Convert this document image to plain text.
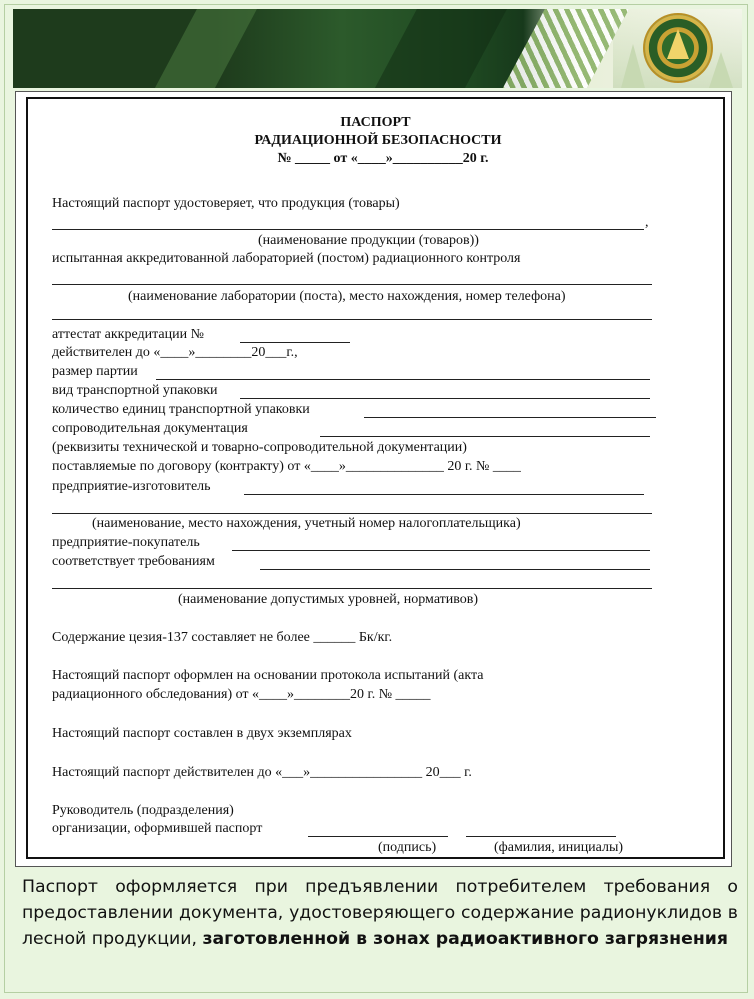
ПАСПОРТ
РАДИАЦИОННОЙ БЕЗОПАСНОСТИ
№ _____ от «____»__________20 г.
Настоящий паспорт удостоверяет, что продукция (товары)
,
(наименование продукции (товаров))
испытанная аккредитованной лабораторией (постом) радиационного контроля
(наименование лаборатории (поста), место нахождения, номер телефона)
аттестат аккредитации №
действителен до «____»________20___г.,
размер партии
вид транспортной упаковки
количество единиц транспортной упаковки
сопроводительная документация
(реквизиты технической и товарно-сопроводительной документации)
поставляемые по договору (контракту) от «____»______________ 20 г. № ____
предприятие-изготовитель
(наименование, место нахождения, учетный номер налогоплательщика)
предприятие-покупатель
соответствует требованиям
(наименование допустимых уровней, нормативов)
Содержание цезия-137 составляет не более ______ Бк/кг.
Настоящий паспорт оформлен на основании протокола испытаний (акта
радиационного обследования) от «____»________20 г. № _____
Настоящий паспорт составлен в двух экземплярах
Настоящий паспорт действителен до «___»________________ 20___ г.
Руководитель (подразделения)
организации, оформившей паспорт
(подпись)	(фамилия, инициалы)
Паспорт оформляется при предъявлении потребителем требования о предоставлении документа, удостоверяющего содержание радионуклидов в лесной продукции, заготовленной в зонах радиоактивного загрязнения
